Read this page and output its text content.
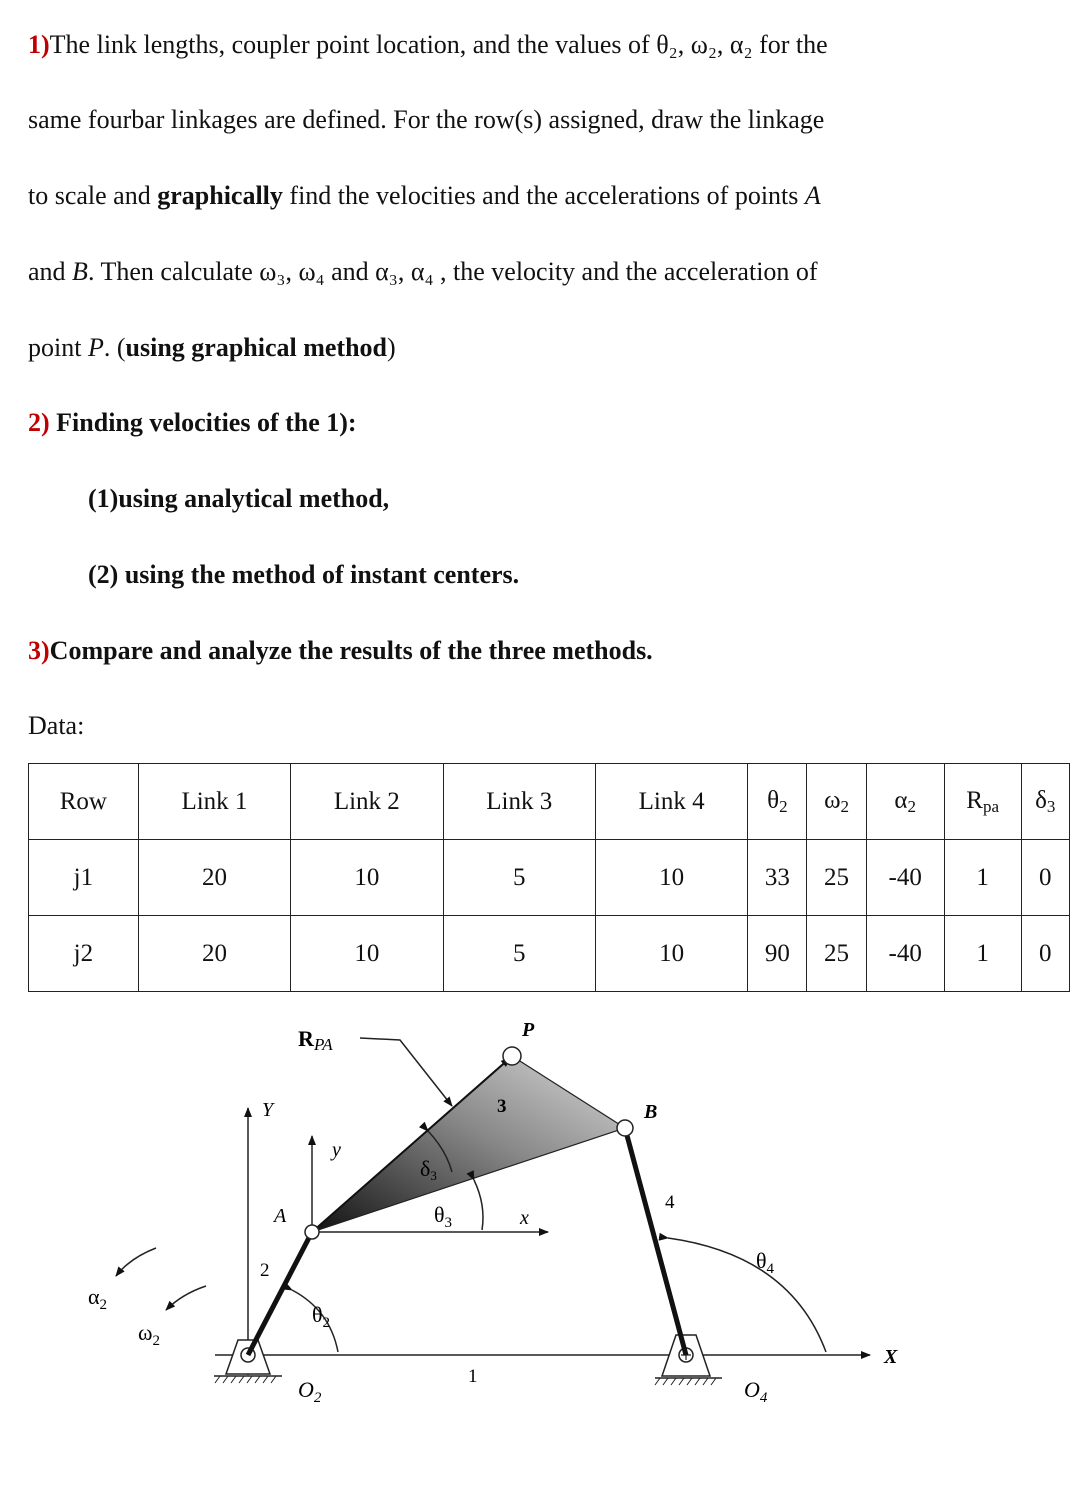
1)The link lengths, coupler point location, and the values of θ₂, ω₂, α₂ for the
same fourbar linkages are defined. For the row(s) assigned, draw the linkage
to scale and graphically find the velocities and the accelerations of points A
and B. Then calculate ω₃, ω₄ and α₃, α₄ , the velocity and the acceleration of
point P. (using graphical method)
2) Finding velocities of the 1):
(1)using analytical method,
(2) using the method of instant centers.
3)Compare and analyze the results of the three methods.
Data:
Row	Link 1	Link 2	Link 3	Link 4	$\theta_2$	$\omega_2$	$\alpha_2$	$R_{pa}$	$\delta_3$
j1	20	10	5	10	33	25	-40	1	0
j2	20	10	5	10	90	25	-40	1	0
R PA
P
3	B
Y
y
δ3
4
A	$\theta_3$	x
2	$\theta_4$
$\alpha_2$	$\theta_2$
$\omega_2$
X
1
$O_2$	$O_4$
